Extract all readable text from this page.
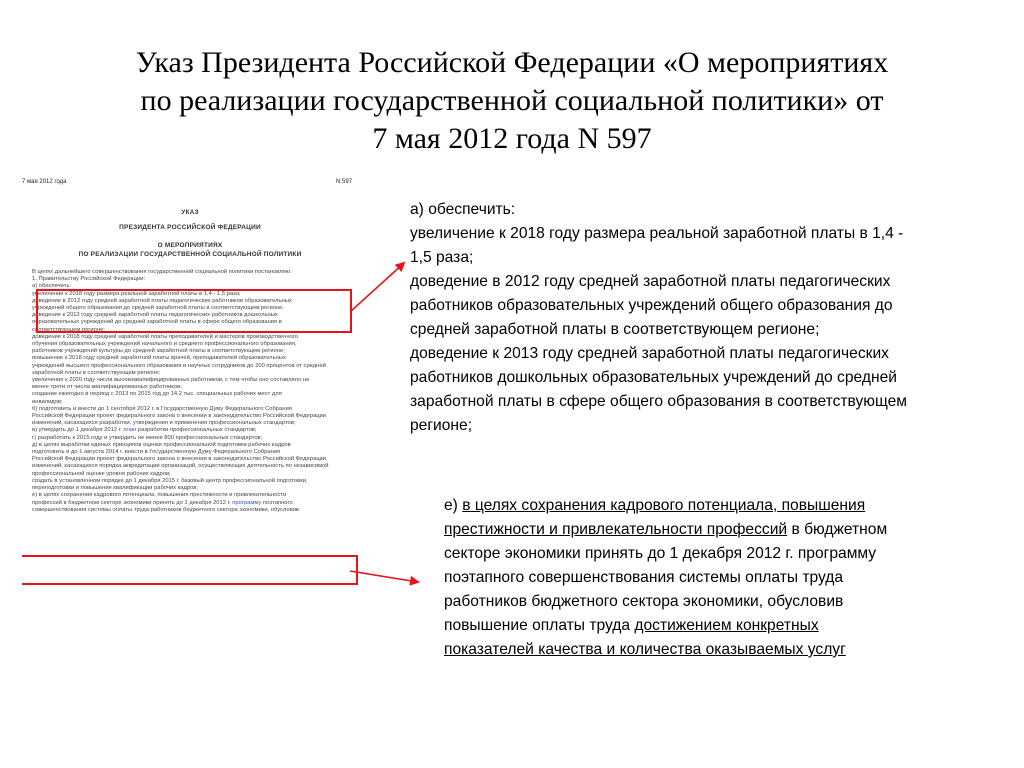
Указ Президента Российской Федерации «О мероприятиях
по реализации государственной социальной политики» от
7 мая 2012 года N 597
7 мая 2012 года	N 597
УКАЗ
ПРЕЗИДЕНТА РОССИЙСКОЙ ФЕДЕРАЦИИ
О МЕРОПРИЯТИЯХ
ПО РЕАЛИЗАЦИИ ГОСУДАРСТВЕННОЙ СОЦИАЛЬНОЙ ПОЛИТИКИ
В целях дальнейшего совершенствования государственной социальной политики постановляю:
1. Правительству Российской Федерации:
а) обеспечить:
увеличение к 2018 году размера реальной заработной платы в 1,4 - 1,5 раза;
доведение в 2012 году средней заработной платы педагогических работников образовательных
учреждений общего образования до средней заработной платы в соответствующем регионе;
доведение к 2013 году средней заработной платы педагогических работников дошкольных
образовательных учреждений до средней заработной платы в сфере общего образования в
соответствующем регионе;
доведение к 2018 году средней заработной платы преподавателей и мастеров производственного
обучения образовательных учреждений начального и среднего профессионального образования,
работников учреждений культуры до средней заработной платы в соответствующем регионе;
повышение к 2018 году средней заработной платы врачей, преподавателей образовательных
учреждений высшего профессионального образования и научных сотрудников до 200 процентов от средней
заработной платы в соответствующем регионе;
увеличение к 2020 году числа высококвалифицированных работников, с тем чтобы оно составляло не
менее трети от числа квалифицированных работников;
создание ежегодно в период с 2013 по 2015 год до 14,2 тыс. специальных рабочих мест для
инвалидов;
б) подготовить и внести до 1 сентября 2012 г. в Государственную Думу Федерального Собрания
Российской Федерации проект федерального закона о внесении в законодательство Российской Федерации
изменений, касающихся разработки, утверждения и применения профессиональных стандартов;
в) утвердить до 1 декабря 2012 г. план разработки профессиональных стандартов;
г) разработать к 2015 году и утвердить не менее 800 профессиональных стандартов;
д) в целях выработки единых принципов оценки профессиональной подготовки рабочих кадров
подготовить и до 1 августа 2014 г. внести в Государственную Думу Федерального Собрания
Российской Федерации проект федерального закона о внесении в законодательство Российской Федерации
изменений, касающихся порядка аккредитации организаций, осуществляющих деятельность по независимой
профессиональной оценке уровня рабочих кадров;
создать в установленном порядке до 1 декабря 2015 г. базовый центр профессиональной подготовки,
переподготовки и повышения квалификации рабочих кадров;
е) в целях сохранения кадрового потенциала, повышения престижности и привлекательности
профессий в бюджетном секторе экономики принять до 1 декабря 2012 г. программу поэтапного
совершенствования системы оплаты труда работников бюджетного сектора экономики, обусловив
а) обеспечить:
увеличение к 2018 году размера реальной заработной платы в 1,4 -
1,5 раза;
доведение в 2012 году средней заработной платы педагогических
работников образовательных учреждений общего образования до
средней заработной платы в соответствующем регионе;
доведение к 2013 году средней заработной платы педагогических
работников дошкольных образовательных учреждений до средней
заработной платы в сфере общего образования в соответствующем
регионе;
е) в целях сохранения кадрового потенциала, повышения
престижности и привлекательности профессий в бюджетном
секторе экономики принять до 1 декабря 2012 г. программу
поэтапного совершенствования системы оплаты труда
работников бюджетного сектора экономики, обусловив
повышение оплаты труда достижением конкретных
показателей качества и количества оказываемых услуг
